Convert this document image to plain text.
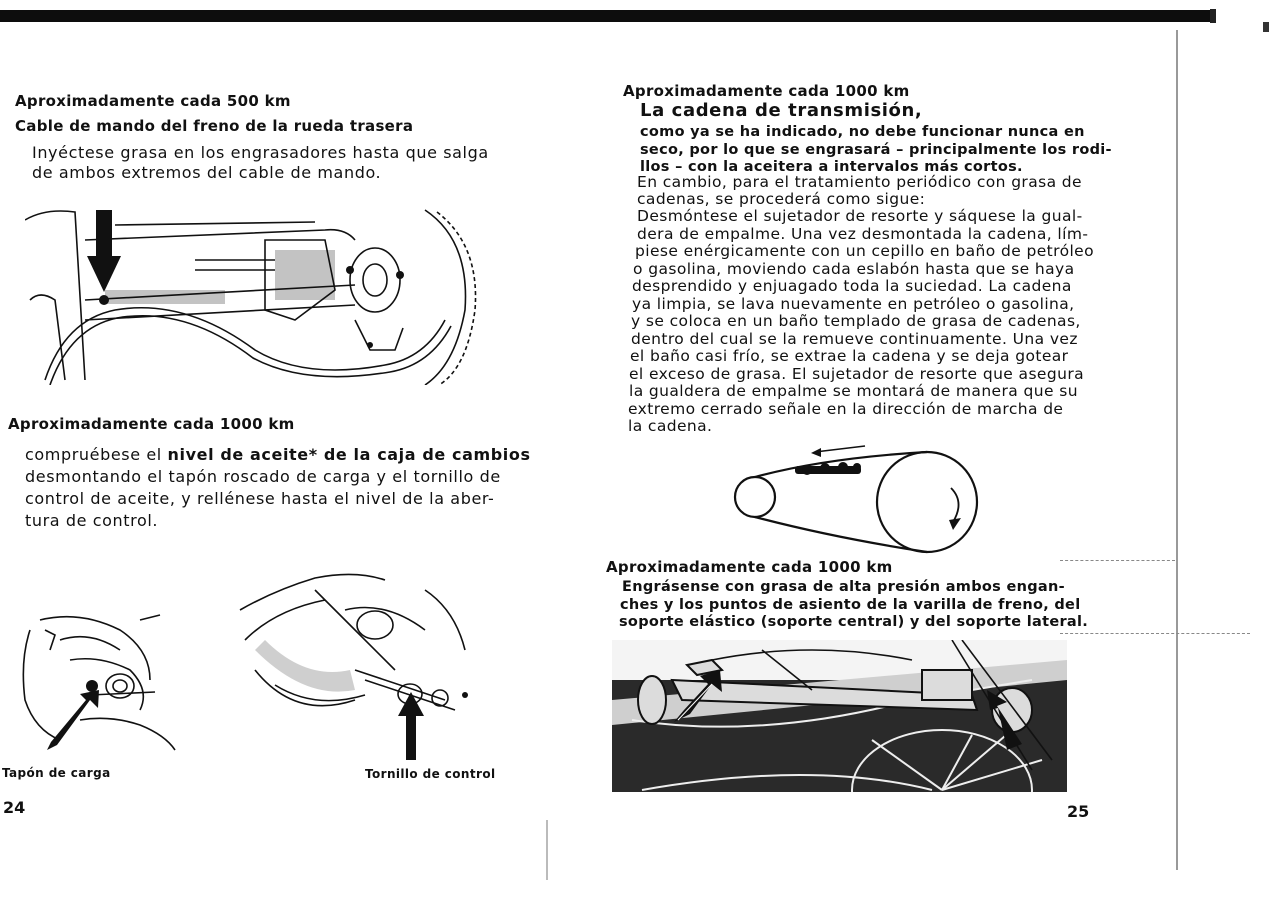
Aproximadamente cada 500 km
Cable de mando del freno de la rueda trasera
Inyéctese grasa en los engrasadores hasta que salga
de ambos extremos del cable de mando.
Aproximadamente cada 1000 km
compruébese el nivel de aceite* de la caja de cambios
desmontando el tapón roscado de carga y el tornillo de
control de aceite, y rellénese hasta el nivel de la aber-
tura de control.
Tapón de carga	Tornillo de control
24
Aproximadamente cada 1000 km
La cadena de transmisión,
como ya se ha indicado, no debe funcionar nunca en
seco, por lo que se engrasará – principalmente los rodi-
llos – con la aceitera a intervalos más cortos.
En cambio, para el tratamiento periódico con grasa de
cadenas, se procederá como sigue:
Desmóntese el sujetador de resorte y sáquese la gual-
dera de empalme. Una vez desmontada la cadena, lím-
piese enérgicamente con un cepillo en baño de petróleo
o gasolina, moviendo cada eslabón hasta que se haya
desprendido y enjuagado toda la suciedad. La cadena
ya limpia, se lava nuevamente en petróleo o gasolina,
y se coloca en un baño templado de grasa de cadenas,
dentro del cual se la remueve continuamente. Una vez
el baño casi frío, se extrae la cadena y se deja gotear
el exceso de grasa. El sujetador de resorte que asegura
la gualdera de empalme se montará de manera que su
extremo cerrado señale en la dirección de marcha de
la cadena.
Aproximadamente cada 1000 km
Engrásense con grasa de alta presión ambos engan-
ches y los puntos de asiento de la varilla de freno, del
soporte elástico (soporte central) y del soporte lateral.
25
